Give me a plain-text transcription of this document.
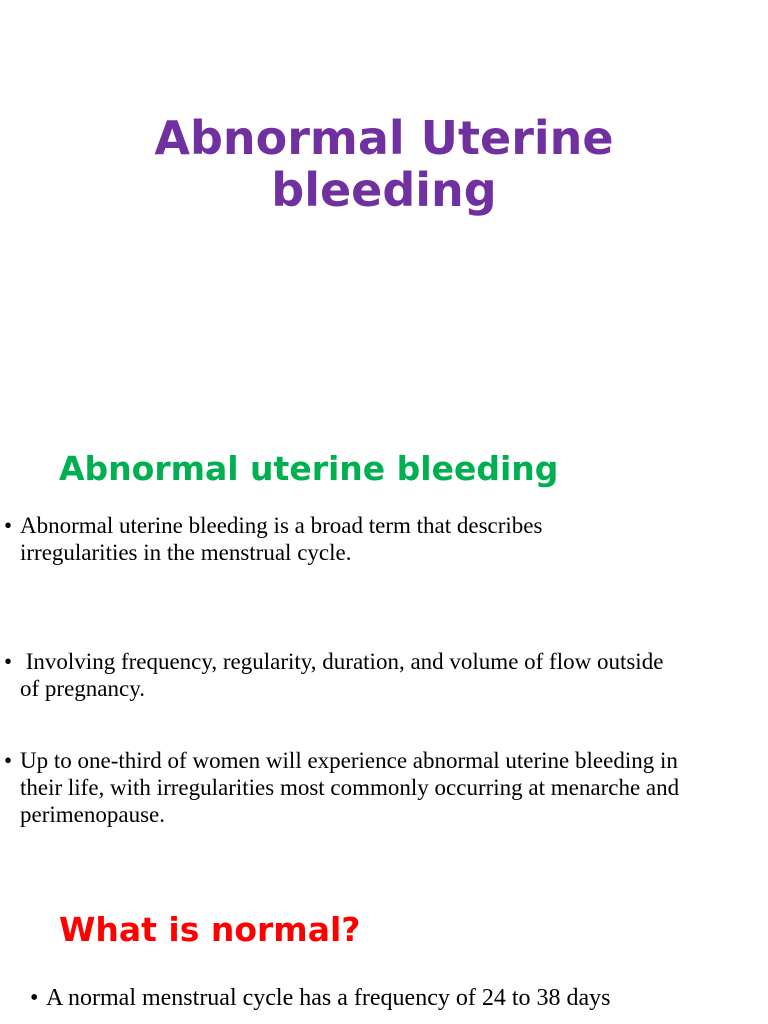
Abnormal Uterine
bleeding
Abnormal uterine bleeding
• Abnormal uterine bleeding is a broad term that describes irregularities in the menstrual cycle.
• Involving frequency, regularity, duration, and volume of flow outside of pregnancy.
• Up to one-third of women will experience abnormal uterine bleeding in their life, with irregularities most commonly occurring at menarche and perimenopause.
What is normal?
• A normal menstrual cycle has a frequency of 24 to 38 days
